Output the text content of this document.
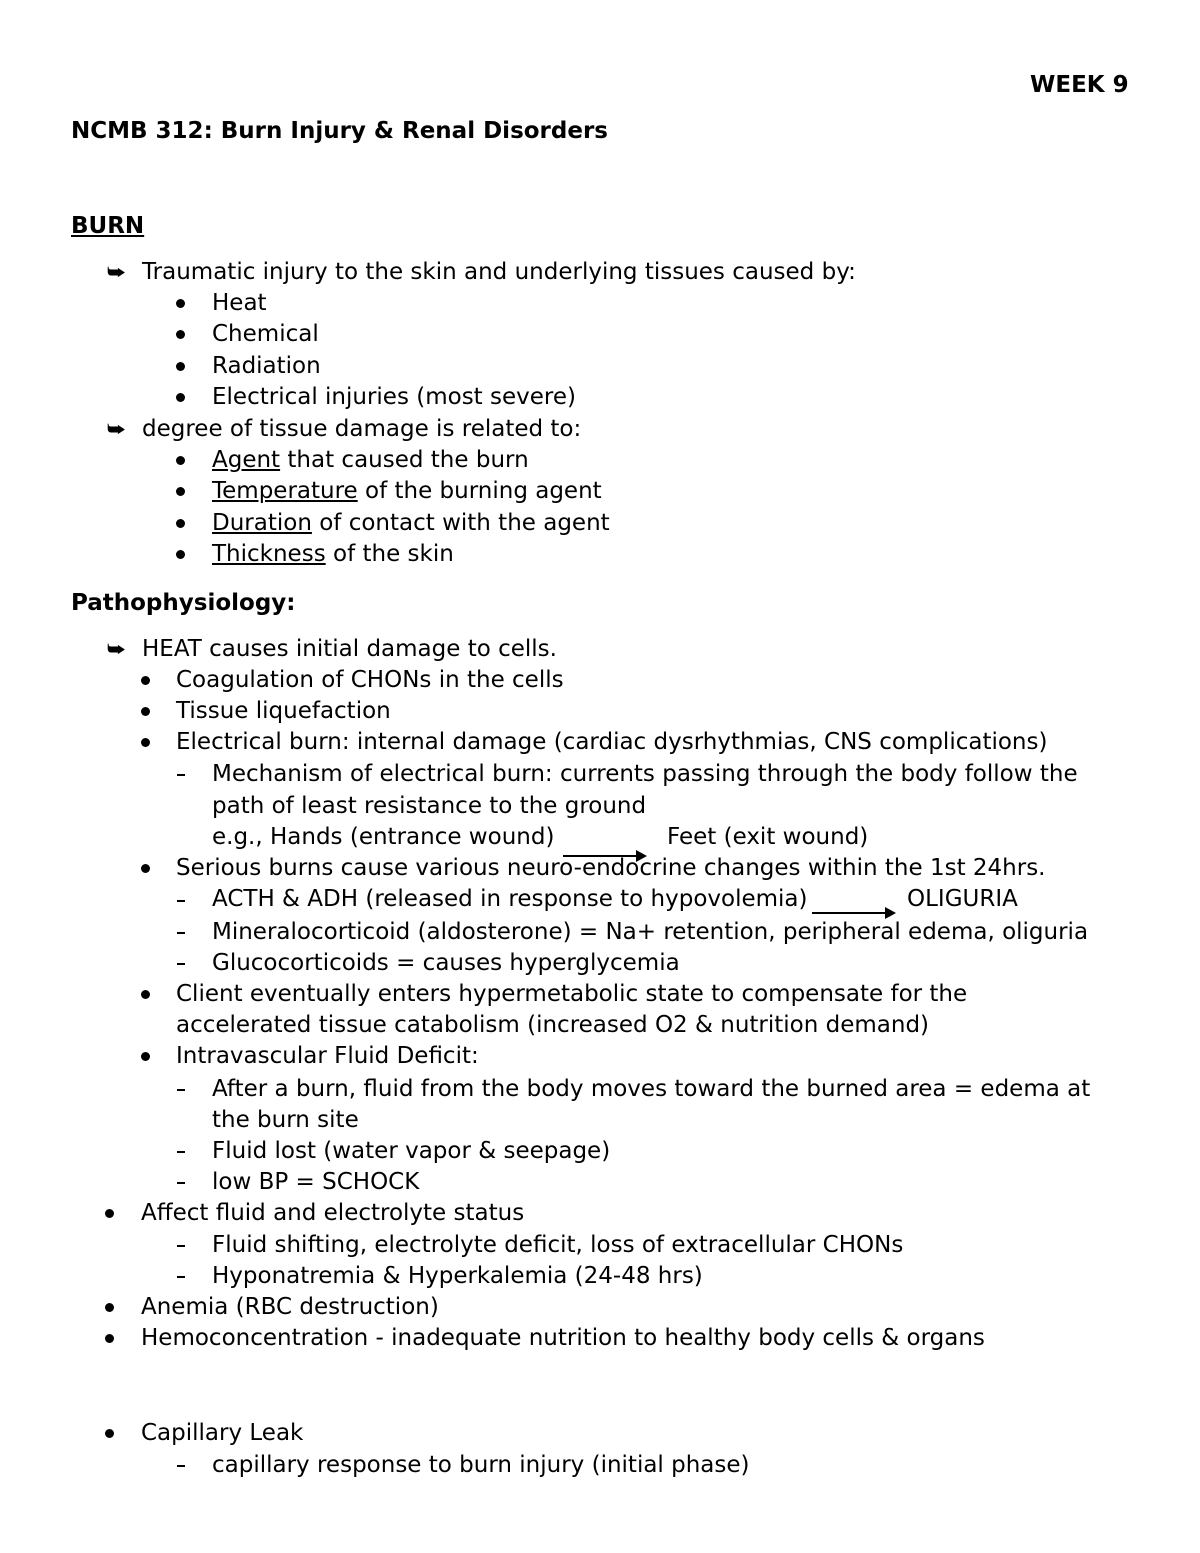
WEEK 9
NCMB 312: Burn Injury & Renal Disorders
BURN
⮩ Traumatic injury to the skin and underlying tissues caused by:
Heat
Chemical
Radiation
Electrical injuries (most severe)
⮩ degree of tissue damage is related to:
Agent that caused the burn
Temperature of the burning agent
Duration of contact with the agent
Thickness of the skin
Pathophysiology:
⮩ HEAT causes initial damage to cells.
Coagulation of CHONs in the cells
Tissue liquefaction
Electrical burn: internal damage (cardiac dysrhythmias, CNS complications)
Mechanism of electrical burn: currents passing through the body follow the
path of least resistance to the ground
e.g., Hands (entrance wound)	Feet (exit wound)
Serious burns cause various neuro-endocrine changes within the 1st 24hrs.
ACTH & ADH (released in response to hypovolemia)	OLIGURIA
Mineralocorticoid (aldosterone) = Na+ retention, peripheral edema, oliguria
Glucocorticoids = causes hyperglycemia
Client eventually enters hypermetabolic state to compensate for the
accelerated tissue catabolism (increased O2 & nutrition demand)
Intravascular Fluid Deficit:
After a burn, fluid from the body moves toward the burned area = edema at
the burn site
Fluid lost (water vapor & seepage)
low BP = SCHOCK
Affect fluid and electrolyte status
Fluid shifting, electrolyte deficit, loss of extracellular CHONs
Hyponatremia & Hyperkalemia (24-48 hrs)
Anemia (RBC destruction)
Hemoconcentration - inadequate nutrition to healthy body cells & organs
Capillary Leak
capillary response to burn injury (initial phase)
